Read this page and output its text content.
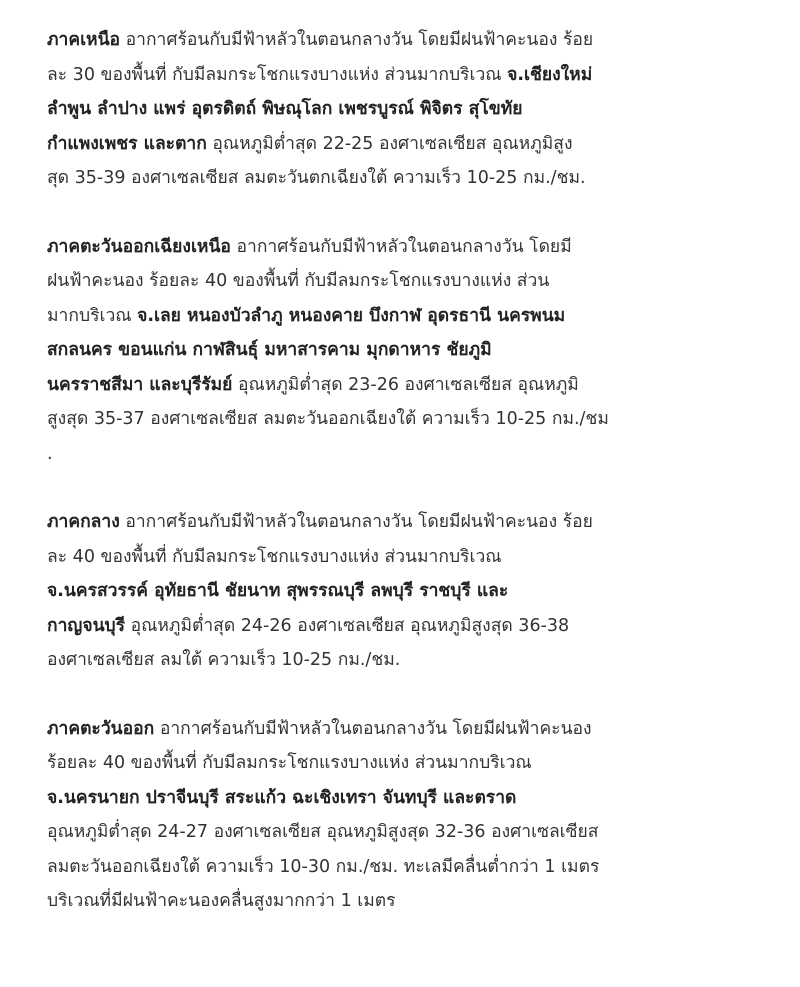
ภาคเหนือ อากาศร้อนกับมีฟ้าหลัวในตอนกลางวัน โดยมีฝนฟ้าคะนอง ร้อย
ละ 30 ของพื้นที่ กับมีลมกระโชกแรงบางแห่ง ส่วนมากบริเวณ จ.เชียงใหม่
ลำพูน ลำปาง แพร่ อุตรดิตถ์ พิษณุโลก เพชรบูรณ์ พิจิตร สุโขทัย
กำแพงเพชร และตาก อุณหภูมิต่ำสุด 22-25 องศาเซลเซียส อุณหภูมิสูง
สุด 35-39 องศาเซลเซียส ลมตะวันตกเฉียงใต้ ความเร็ว 10-25 กม./ชม.

ภาคตะวันออกเฉียงเหนือ อากาศร้อนกับมีฟ้าหลัวในตอนกลางวัน โดยมี
ฝนฟ้าคะนอง ร้อยละ 40 ของพื้นที่ กับมีลมกระโชกแรงบางแห่ง ส่วน
มากบริเวณ จ.เลย หนองบัวลำภู หนองคาย บึงกาฬ อุดรธานี นครพนม
สกลนคร ขอนแก่น กาฬสินธุ์ มหาสารคาม มุกดาหาร ชัยภูมิ
นครราชสีมา และบุรีรัมย์ อุณหภูมิต่ำสุด 23-26 องศาเซลเซียส อุณหภูมิ
สูงสุด 35-37 องศาเซลเซียส ลมตะวันออกเฉียงใต้ ความเร็ว 10-25 กม./ชม
.

ภาคกลาง อากาศร้อนกับมีฟ้าหลัวในตอนกลางวัน โดยมีฝนฟ้าคะนอง ร้อย
ละ 40 ของพื้นที่ กับมีลมกระโชกแรงบางแห่ง ส่วนมากบริเวณ
จ.นครสวรรค์ อุทัยธานี ชัยนาท สุพรรณบุรี ลพบุรี ราชบุรี และ
กาญจนบุรี อุณหภูมิต่ำสุด 24-26 องศาเซลเซียส อุณหภูมิสูงสุด 36-38
องศาเซลเซียส ลมใต้ ความเร็ว 10-25 กม./ชม.

ภาคตะวันออก อากาศร้อนกับมีฟ้าหลัวในตอนกลางวัน โดยมีฝนฟ้าคะนอง
ร้อยละ 40 ของพื้นที่ กับมีลมกระโชกแรงบางแห่ง ส่วนมากบริเวณ
จ.นครนายก ปราจีนบุรี สระแก้ว ฉะเชิงเทรา จันทบุรี และตราด
อุณหภูมิต่ำสุด 24-27 องศาเซลเซียส อุณหภูมิสูงสุด 32-36 องศาเซลเซียส
ลมตะวันออกเฉียงใต้ ความเร็ว 10-30 กม./ชม. ทะเลมีคลื่นต่ำกว่า 1 เมตร
บริเวณที่มีฝนฟ้าคะนองคลื่นสูงมากกว่า 1 เมตร
